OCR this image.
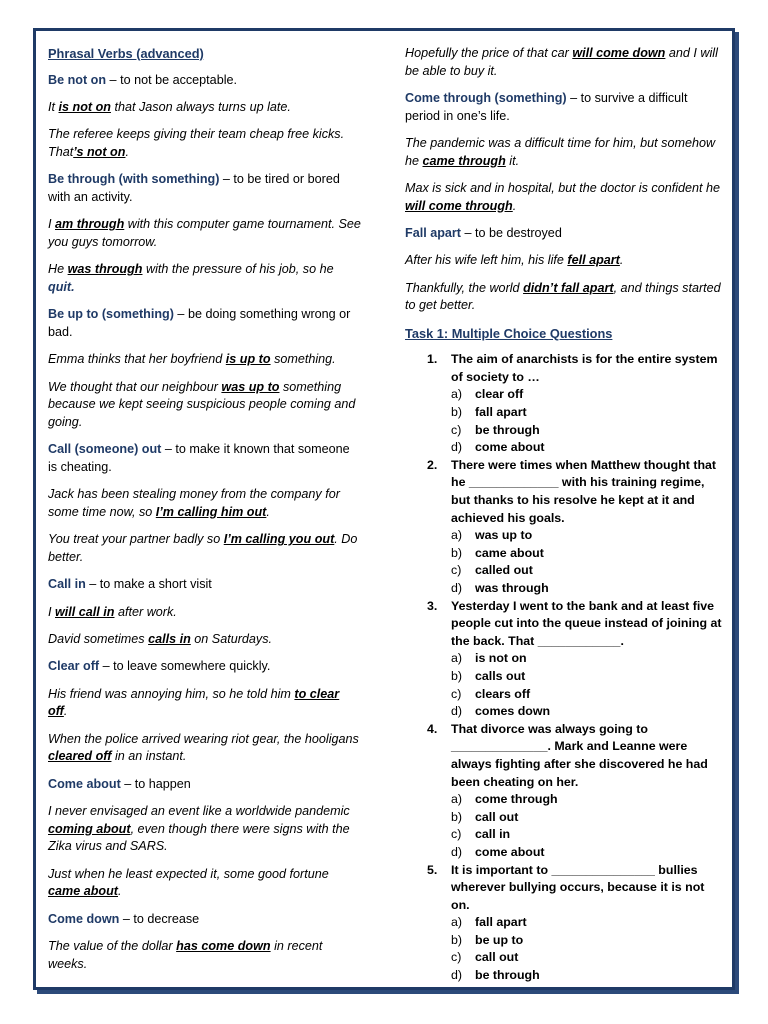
Phrasal Verbs (advanced)

Be not on – to not be acceptable.

It is not on that Jason always turns up late.

The referee keeps giving their team cheap free kicks. That’s not on.

Be through (with something) – to be tired or bored with an activity.

I am through with this computer game tournament. See you guys tomorrow.

He was through with the pressure of his job, so he quit.

Be up to (something) – be doing something wrong or bad.

Emma thinks that her boyfriend is up to something.

We thought that our neighbour was up to something because we kept seeing suspicious people coming and going.

Call (someone) out – to make it known that someone is cheating.

Jack has been stealing money from the company for some time now, so I’m calling him out.

You treat your partner badly so I’m calling you out. Do better.

Call in – to make a short visit

I will call in after work.

David sometimes calls in on Saturdays.

Clear off – to leave somewhere quickly.

His friend was annoying him, so he told him to clear off.

When the police arrived wearing riot gear, the hooligans cleared off in an instant.

Come about – to happen

I never envisaged an event like a worldwide pandemic coming about, even though there were signs with the Zika virus and SARS.

Just when he least expected it, some good fortune came about.

Come down – to decrease

The value of the dollar has come down in recent weeks.

Hopefully the price of that car will come down and I will be able to buy it.

Come through (something) – to survive a difficult period in one’s life.

The pandemic was a difficult time for him, but somehow he came through it.

Max is sick and in hospital, but the doctor is confident he will come through.

Fall apart – to be destroyed

After his wife left him, his life fell apart.

Thankfully, the world didn’t fall apart, and things started to get better.

Task 1: Multiple Choice Questions
1. The aim of anarchists is for the entire system of society to …
a) clear off
b) fall apart
c) be through
d) come about
2. There were times when Matthew thought that he _____________ with his training regime, but thanks to his resolve he kept at it and achieved his goals.
a) was up to
b) came about
c) called out
d) was through
3. Yesterday I went to the bank and at least five people cut into the queue instead of joining at the back. That ____________.
a) is not on
b) calls out
c) clears off
d) comes down
4. That divorce was always going to ______________. Mark and Leanne were always fighting after she discovered he had been cheating on her.
a) come through
b) call out
c) call in
d) come about
5. It is important to _______________ bullies wherever bullying occurs, because it is not on.
a) fall apart
b) be up to
c) call out
d) be through
